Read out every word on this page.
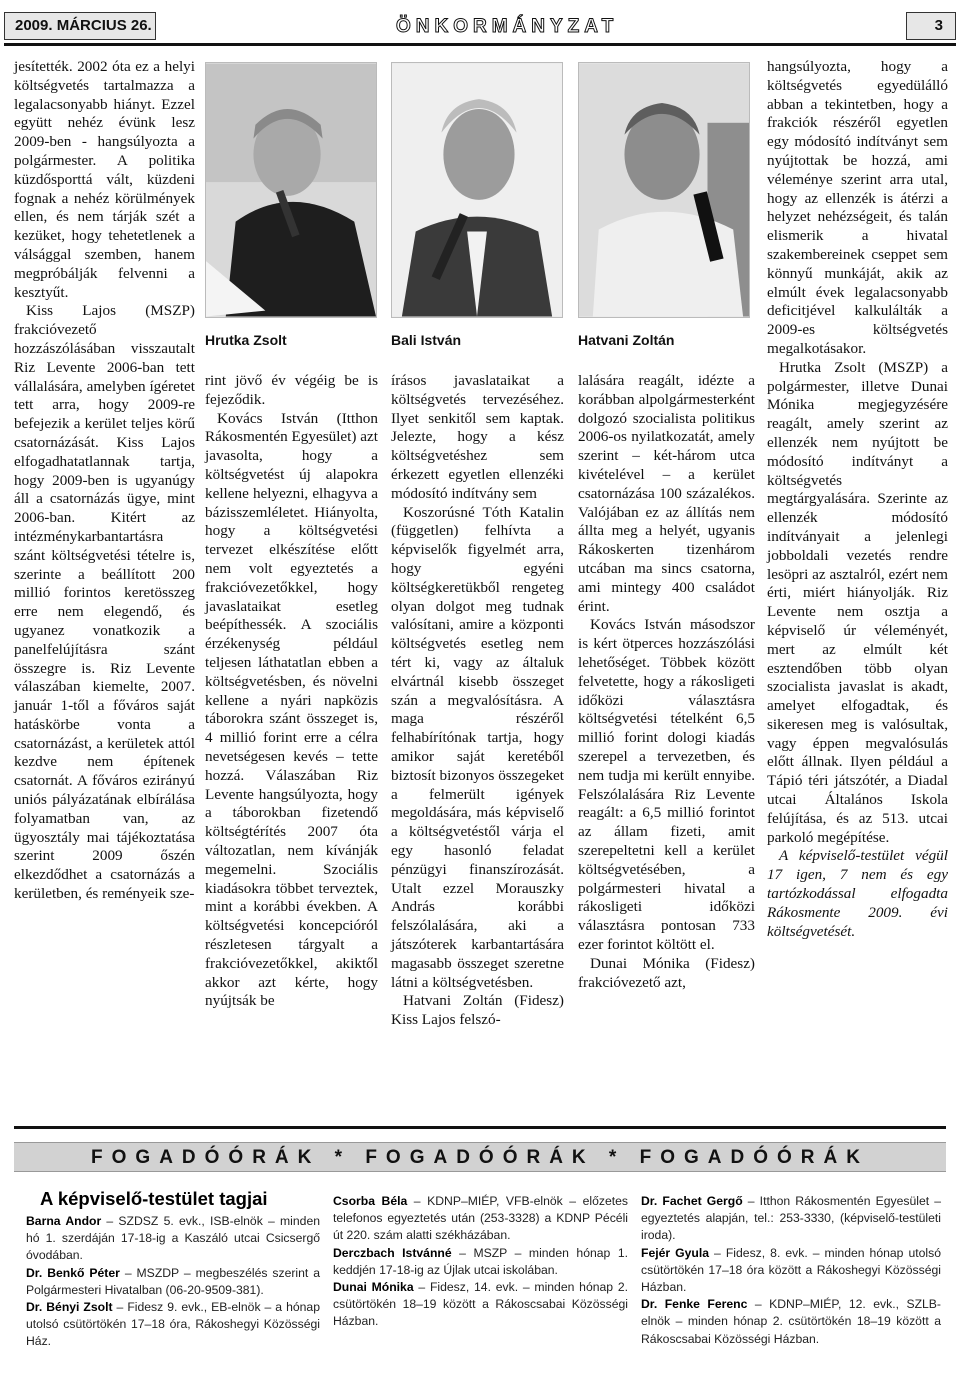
2009. MÁRCIUS 26.	ÖNKORMÁNYZAT	3

jesítették. 2002 óta ez a helyi költségvetés tartalmazza a legalacsonyabb hiányt. Ezzel együtt nehéz évünk lesz 2009-ben - hangsúlyozta a polgármester. A politika küzdősporttá vált, küzdeni fognak a nehéz körülmények ellen, és nem tárják szét a kezüket, hogy tehetetlenek a válsággal szemben, hanem megpróbálják felvenni a kesztyűt.

Kiss Lajos (MSZP) frakcióvezető hozzászólásában visszautalt Riz Levente 2006-ban tett vállalására, amelyben ígéretet tett arra, hogy 2009-re befejezik a kerület teljes körű csatornázását. Kiss Lajos elfogadhatatlannak tartja, hogy 2009-ben is ugyanúgy áll a csatornázás ügye, mint 2006-ban. Kitért az intézménykarbantartásra szánt költségvetési tételre is, szerinte a beállított 200 millió forintos keretösszeg erre nem elegendő, és ugyanez vonatkozik a panelfelújításra szánt összegre is. Riz Levente válaszában kiemelte, 2007. január 1-től a főváros saját hatáskörbe vonta a csatornázást, a kerületek attól kezdve nem építenek csatornát. A főváros ezirányú uniós pályázatának elbírálása folyamatban van, az ügyosztály mai tájékoztatása szerint 2009 őszén elkezdődhet a csatornázás a kerületben, és reményeik sze-

Hrutka Zsolt	Bali István	Hatvani Zoltán

rint jövő év végéig be is fejeződik.

Kovács István (Itthon Rákosmentén Egyesület) azt javasolta, hogy a költségvetést új alapokra kellene helyezni, elhagyva a bázisszemléletet. Hiányolta, hogy a költségvetési tervezet elkészítése előtt nem volt egyeztetés a frakcióvezetőkkel, hogy javaslataikat esetleg beépíthessék. A szociális érzékenység például teljesen láthatatlan ebben a költségvetésben, és növelni kellene a nyári napközis táborokra szánt összeget is, 4 millió forint erre a célra nevetségesen kevés – tette hozzá. Válaszában Riz Levente hangsúlyozta, hogy a táborokban fizetendő költségtérítés 2007 óta változatlan, nem kívánják megemelni. Szociális kiadásokra többet terveztek, mint a korábbi években. A költségvetési koncepcióról részletesen tárgyalt a frakcióvezetőkkel, akiktől akkor azt kérte, hogy nyújtsák be

írásos javaslataikat a költségvetés tervezéséhez. Ilyet senkitől sem kaptak. Jelezte, hogy a kész költségvetéshez sem érkezett egyetlen ellenzéki módosító indítvány sem

Koszorúsné Tóth Katalin (független) felhívta a képviselők figyelmét arra, hogy egyéni költségkeretükből rengeteg olyan dolgot meg tudnak valósítani, amire a központi költségvetés esetleg nem tért ki, vagy az általuk elvártnál kisebb összeget szán a megvalósításra. A maga részéről felhabírítónak tartja, hogy amikor saját keretéből biztosít bizonyos összegeket a felmerült igények megoldására, más képviselő a költségvetéstől várja el egy hasonló feladat pénzügyi finanszírozását. Utalt ezzel Morauszky András korábbi felszólalására, aki a játszóterek karbantartására magasabb összeget szeretne látni a költségvetésben.

Hatvani Zoltán (Fidesz) Kiss Lajos felszó-

lalására reagált, idézte a korábban alpolgármesterként dolgozó szocialista politikus 2006-os nyilatkozatát, amely szerint – két-három utca kivételével – a kerület csatornázása 100 százalékos. Valójában ez az állítás nem állta meg a helyét, ugyanis Rákoskerten tizenhárom utcában ma sincs csatorna, ami mintegy 400 családot érint.

Kovács István másodszor is kért ötperces hozzászólási lehetőséget. Többek között felvetette, hogy a rákosligeti időközi választásra költségvetési tételként 6,5 millió forint dologi kiadás szerepel a tervezetben, és nem tudja mi került ennyibe. Felszólalására Riz Levente reagált: a 6,5 millió forintot az állam fizeti, amit szerepeltetni kell a kerület költségvetésében, a polgármesteri hivatal a rákosligeti időközi választásra pontosan 733 ezer forintot költött el.

Dunai Mónika (Fidesz) frakcióvezető azt,

hangsúlyozta, hogy a költségvetés egyedülálló abban a tekintetben, hogy a frakciók részéről egyetlen egy módosító indítványt sem nyújtottak be hozzá, ami véleménye szerint arra utal, hogy az ellenzék is átérzi a helyzet nehézségeit, és talán elismerik a hivatal szakembereinek cseppet sem könnyű munkáját, akik az elmúlt évek legalacsonyabb deficitjével kalkulálták a 2009-es költségvetés megalkotásakor.

Hrutka Zsolt (MSZP) a polgármester, illetve Dunai Mónika megjegyzésére reagált, amely szerint az ellenzék nem nyújtott be módosító indítványt a költségvetés megtárgyalására. Szerinte az ellenzék módosító indítványait a jelenlegi jobboldali vezetés rendre lesöpri az asztalról, ezért nem érti, miért hiányolják. Riz Levente nem osztja a képviselő úr véleményét, mert az elmúlt két esztendőben több olyan szocialista javaslat is akadt, amelyet elfogadtak, és sikeresen meg is valósultak, vagy éppen megvalósulás előtt állnak. Ilyen például a Tápió téri játszótér, a Diadal utcai Általános Iskola felújítása, és az 513. utcai parkoló megépítése.

A képviselő-testület végül 17 igen, 7 nem és egy tartózkodással elfogadta Rákosmente 2009. évi költségvetését.

FOGADÓÓRÁK * FOGADÓÓRÁK * FOGADÓÓRÁK
A képviselő-testület tagjai

Barna Andor – SZDSZ 5. evk., ISB-elnök – minden hó 1. szerdáján 17-18-ig a Kaszáló utcai Csicsergő óvodában.

Dr. Benkő Péter – MSZDP – megbeszélés szerint a Polgármesteri Hivatalban (06-20-9509-381).

Dr. Bényi Zsolt – Fidesz 9. evk., EB-elnök – a hónap utolsó csütörtökén 17–18 óra, Rákoshegyi Közösségi Ház.

Csorba Béla – KDNP–MIÉP, VFB-elnök – előzetes telefonos egyeztetés után (253-3328) a KDNP Pécéli út 220. szám alatti székházában.

Derczbach Istvánné – MSZP – minden hónap 1. keddjén 17-18-ig az Újlak utcai iskolában.

Dunai Mónika – Fidesz, 14. evk. – minden hónap 2. csütörtökén 18–19 között a Rákoscsabai Közösségi Házban.

Dr. Fachet Gergő – Itthon Rákosmentén Egyesület – egyeztetés alapján, tel.: 253-3330, (képviselő-testületi iroda).

Fejér Gyula – Fidesz, 8. evk. – minden hónap utolsó csütörtökén 17–18 óra között a Rákoshegyi Közösségi Házban.

Dr. Fenke Ferenc – KDNP–MIÉP, 12. evk., SZLB-elnök – minden hónap 2. csütörtökén 18–19 között a Rákoscsabai Közösségi Házban.
